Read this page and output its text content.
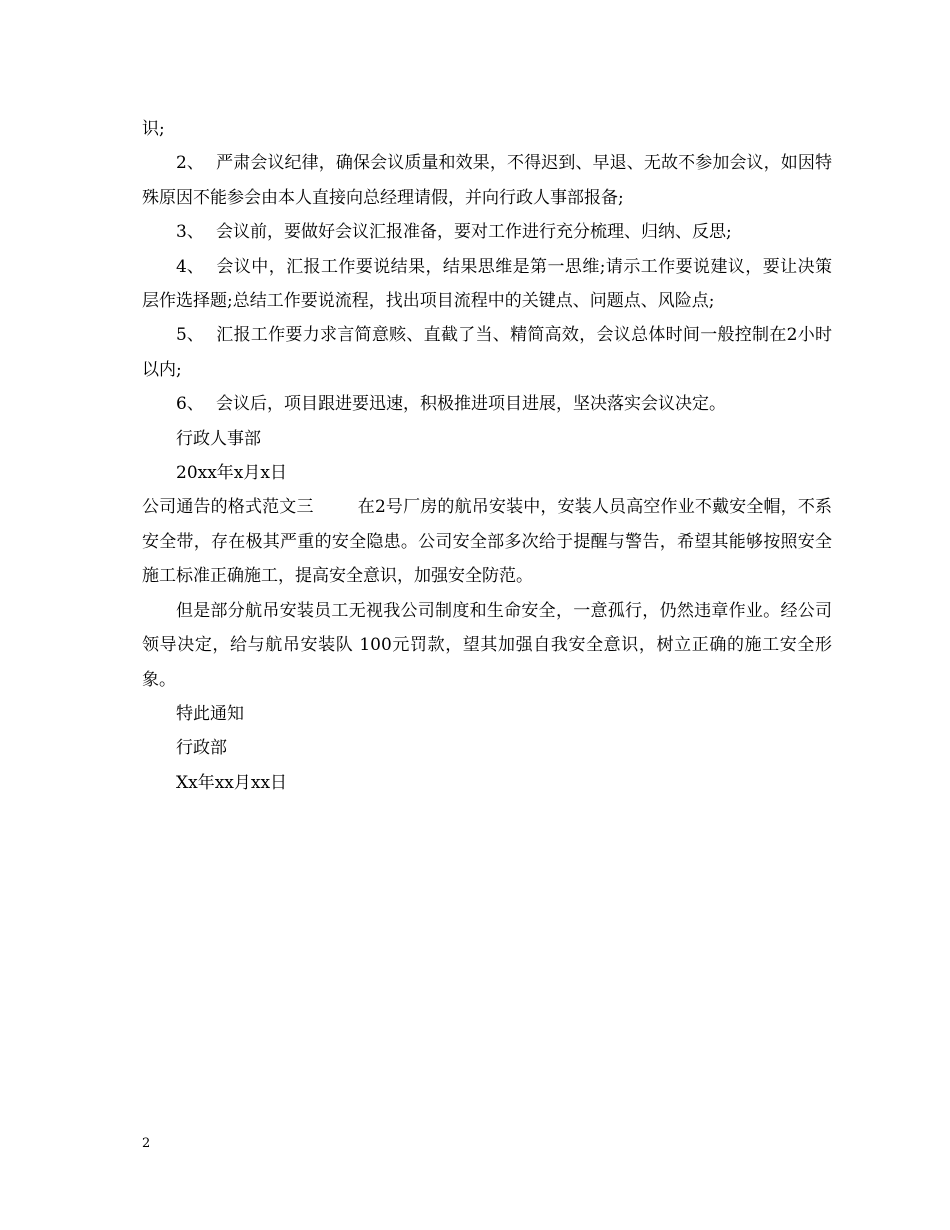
识;

2、 严肃会议纪律，确保会议质量和效果，不得迟到、早退、无故不参加会议，如因特殊原因不能参会由本人直接向总经理请假，并向行政人事部报备;

3、 会议前，要做好会议汇报准备，要对工作进行充分梳理、归纳、反思;

4、 会议中，汇报工作要说结果，结果思维是第一思维;请示工作要说建议，要让决策层作选择题;总结工作要说流程，找出项目流程中的关键点、问题点、风险点;

5、 汇报工作要力求言简意赅、直截了当、精简高效，会议总体时间一般控制在2小时以内;

6、 会议后，项目跟进要迅速，积极推进项目进展，坚决落实会议决定。

行政人事部

20xx年x月x日

公司通告的格式范文三	在2号厂房的航吊安装中，安装人员高空作业不戴安全帽，不系安全带，存在极其严重的安全隐患。公司安全部多次给于提醒与警告，希望其能够按照安全施工标准正确施工，提高安全意识，加强安全防范。

但是部分航吊安装员工无视我公司制度和生命安全，一意孤行，仍然违章作业。经公司领导决定，给与航吊安装队 100元罚款，望其加强自我安全意识，树立正确的施工安全形象。

特此通知

行政部

Xx年xx月xx日

2
